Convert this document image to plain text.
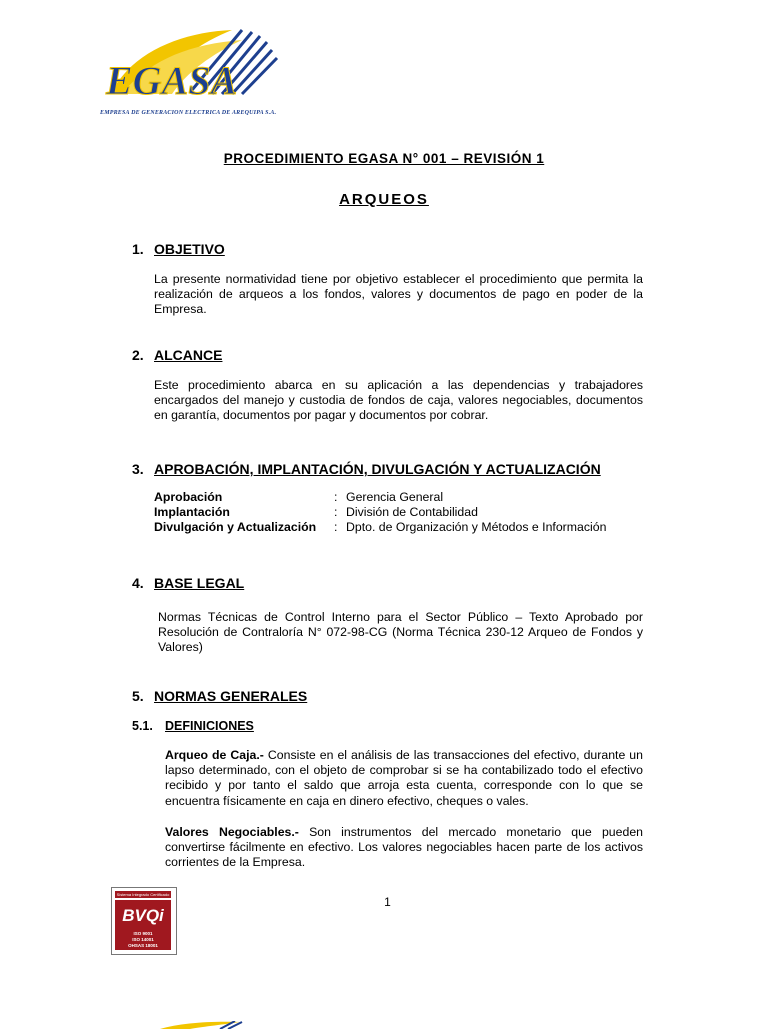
EGASA
EMPRESA DE GENERACION ELECTRICA DE AREQUIPA S.A.
PROCEDIMIENTO EGASA N° 001 – REVISIÓN 1
ARQUEOS
1. OBJETIVO
La presente normatividad tiene por objetivo establecer el procedimiento que permita la realización de arqueos a los fondos, valores y documentos de pago en poder de la Empresa.
2. ALCANCE
Este procedimiento abarca en su aplicación a las dependencias y trabajadores encargados del manejo y custodia de fondos de caja, valores negociables, documentos en garantía, documentos por pagar y documentos por cobrar.
3. APROBACIÓN, IMPLANTACIÓN, DIVULGACIÓN Y ACTUALIZACIÓN
Aprobación	:	Gerencia General
Implantación	:	División de Contabilidad
Divulgación y Actualización	:	Dpto. de Organización y Métodos e Información
4. BASE LEGAL
Normas Técnicas de Control Interno para el Sector Público – Texto Aprobado por Resolución de Contraloría N° 072-98-CG (Norma Técnica 230-12 Arqueo de Fondos y Valores)
5. NORMAS GENERALES
5.1. DEFINICIONES
Arqueo de Caja.- Consiste en el análisis de las transacciones del efectivo, durante un lapso determinado, con el objeto de comprobar si se ha contabilizado todo el efectivo recibido y por tanto el saldo que arroja esta cuenta, corresponde con lo que se encuentra físicamente en caja en dinero efectivo, cheques o vales.
Valores Negociables.- Son instrumentos del mercado monetario que pueden convertirse fácilmente en efectivo. Los valores negociables hacen parte de los activos corrientes de la Empresa.
1
Sistema Integrado Certificado
BVQi
ISO 9001
ISO 14001
OHSAS 18001
